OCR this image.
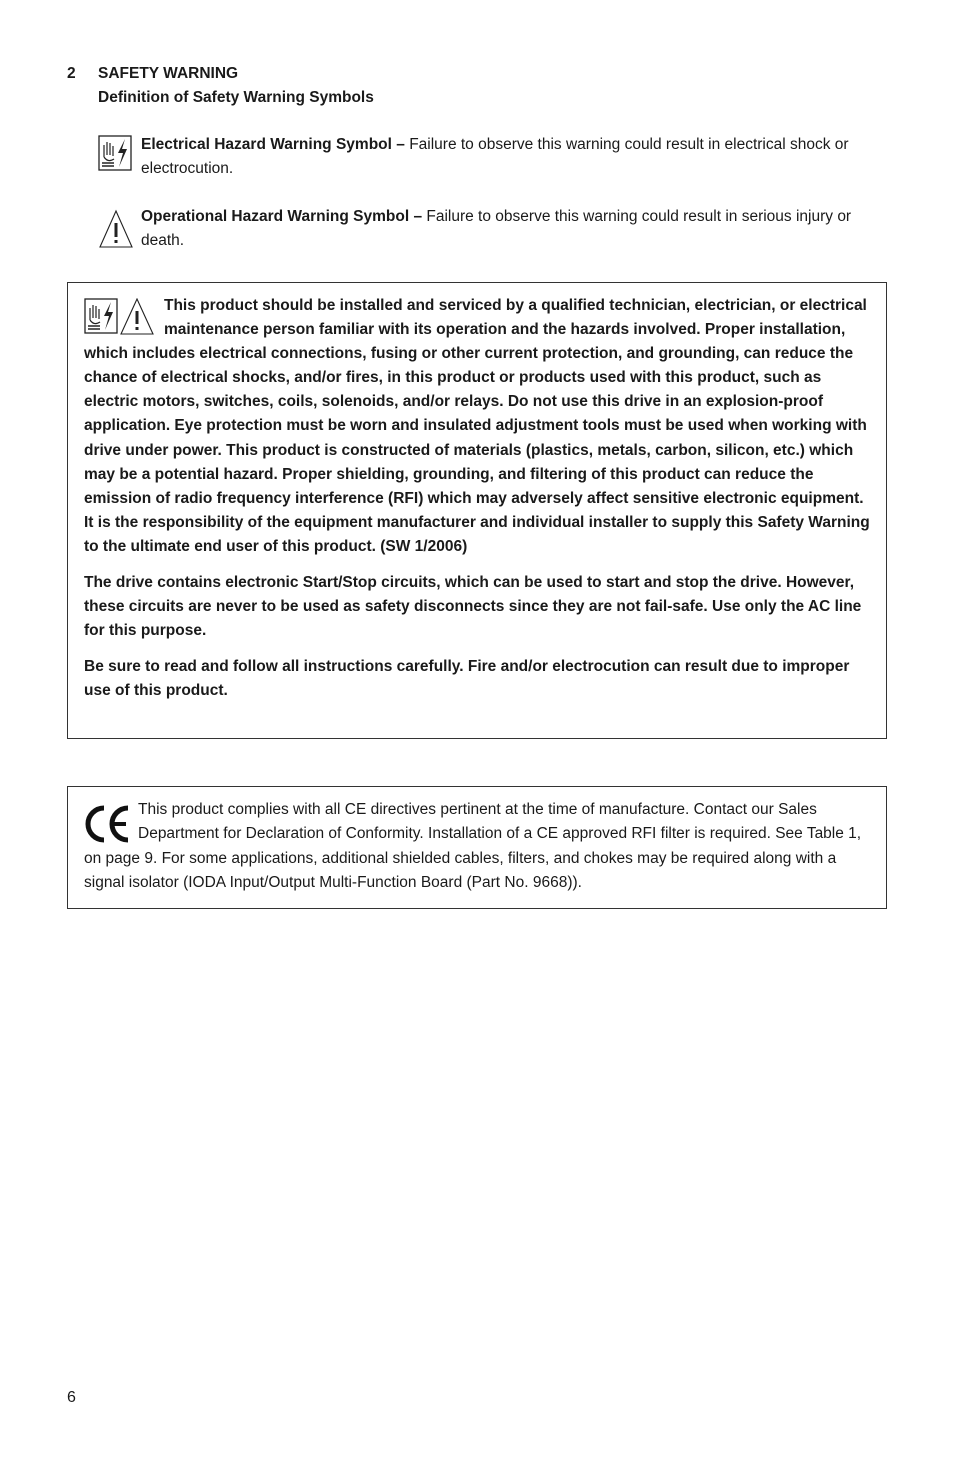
2 SAFETY WARNING
Definition of Safety Warning Symbols
Electrical Hazard Warning Symbol – Failure to observe this warning could result in electrical shock or electrocution.
Operational Hazard Warning Symbol – Failure to observe this warning could result in serious injury or death.

This product should be installed and serviced by a qualified technician, electrician, or electrical maintenance person familiar with its operation and the hazards involved. Proper installation, which includes electrical connections, fusing or other current protection, and grounding, can reduce the chance of electrical shocks, and/or fires, in this product or products used with this product, such as electric motors, switches, coils, solenoids, and/or relays. Do not use this drive in an explosion-proof application. Eye protection must be worn and insulated adjustment tools must be used when working with drive under power. This product is constructed of materials (plastics, metals, carbon, silicon, etc.) which may be a potential hazard. Proper shielding, grounding, and filtering of this product can reduce the emission of radio frequency interference (RFI) which may adversely affect sensitive electronic equipment. It is the responsibility of the equipment manufacturer and individual installer to supply this Safety Warning to the ultimate end user of this product. (SW 1/2006)

The drive contains electronic Start/Stop circuits, which can be used to start and stop the drive. However, these circuits are never to be used as safety disconnects since they are not fail-safe. Use only the AC line for this purpose.

Be sure to read and follow all instructions carefully. Fire and/or electrocution can result due to improper use of this product.

This product complies with all CE directives pertinent at the time of manufacture. Contact our Sales Department for Declaration of Conformity. Installation of a CE approved RFI filter is required. See Table 1, on page 9. For some applications, additional shielded cables, filters, and chokes may be required along with a signal isolator (IODA Input/Output Multi-Function Board (Part No. 9668)).

6
